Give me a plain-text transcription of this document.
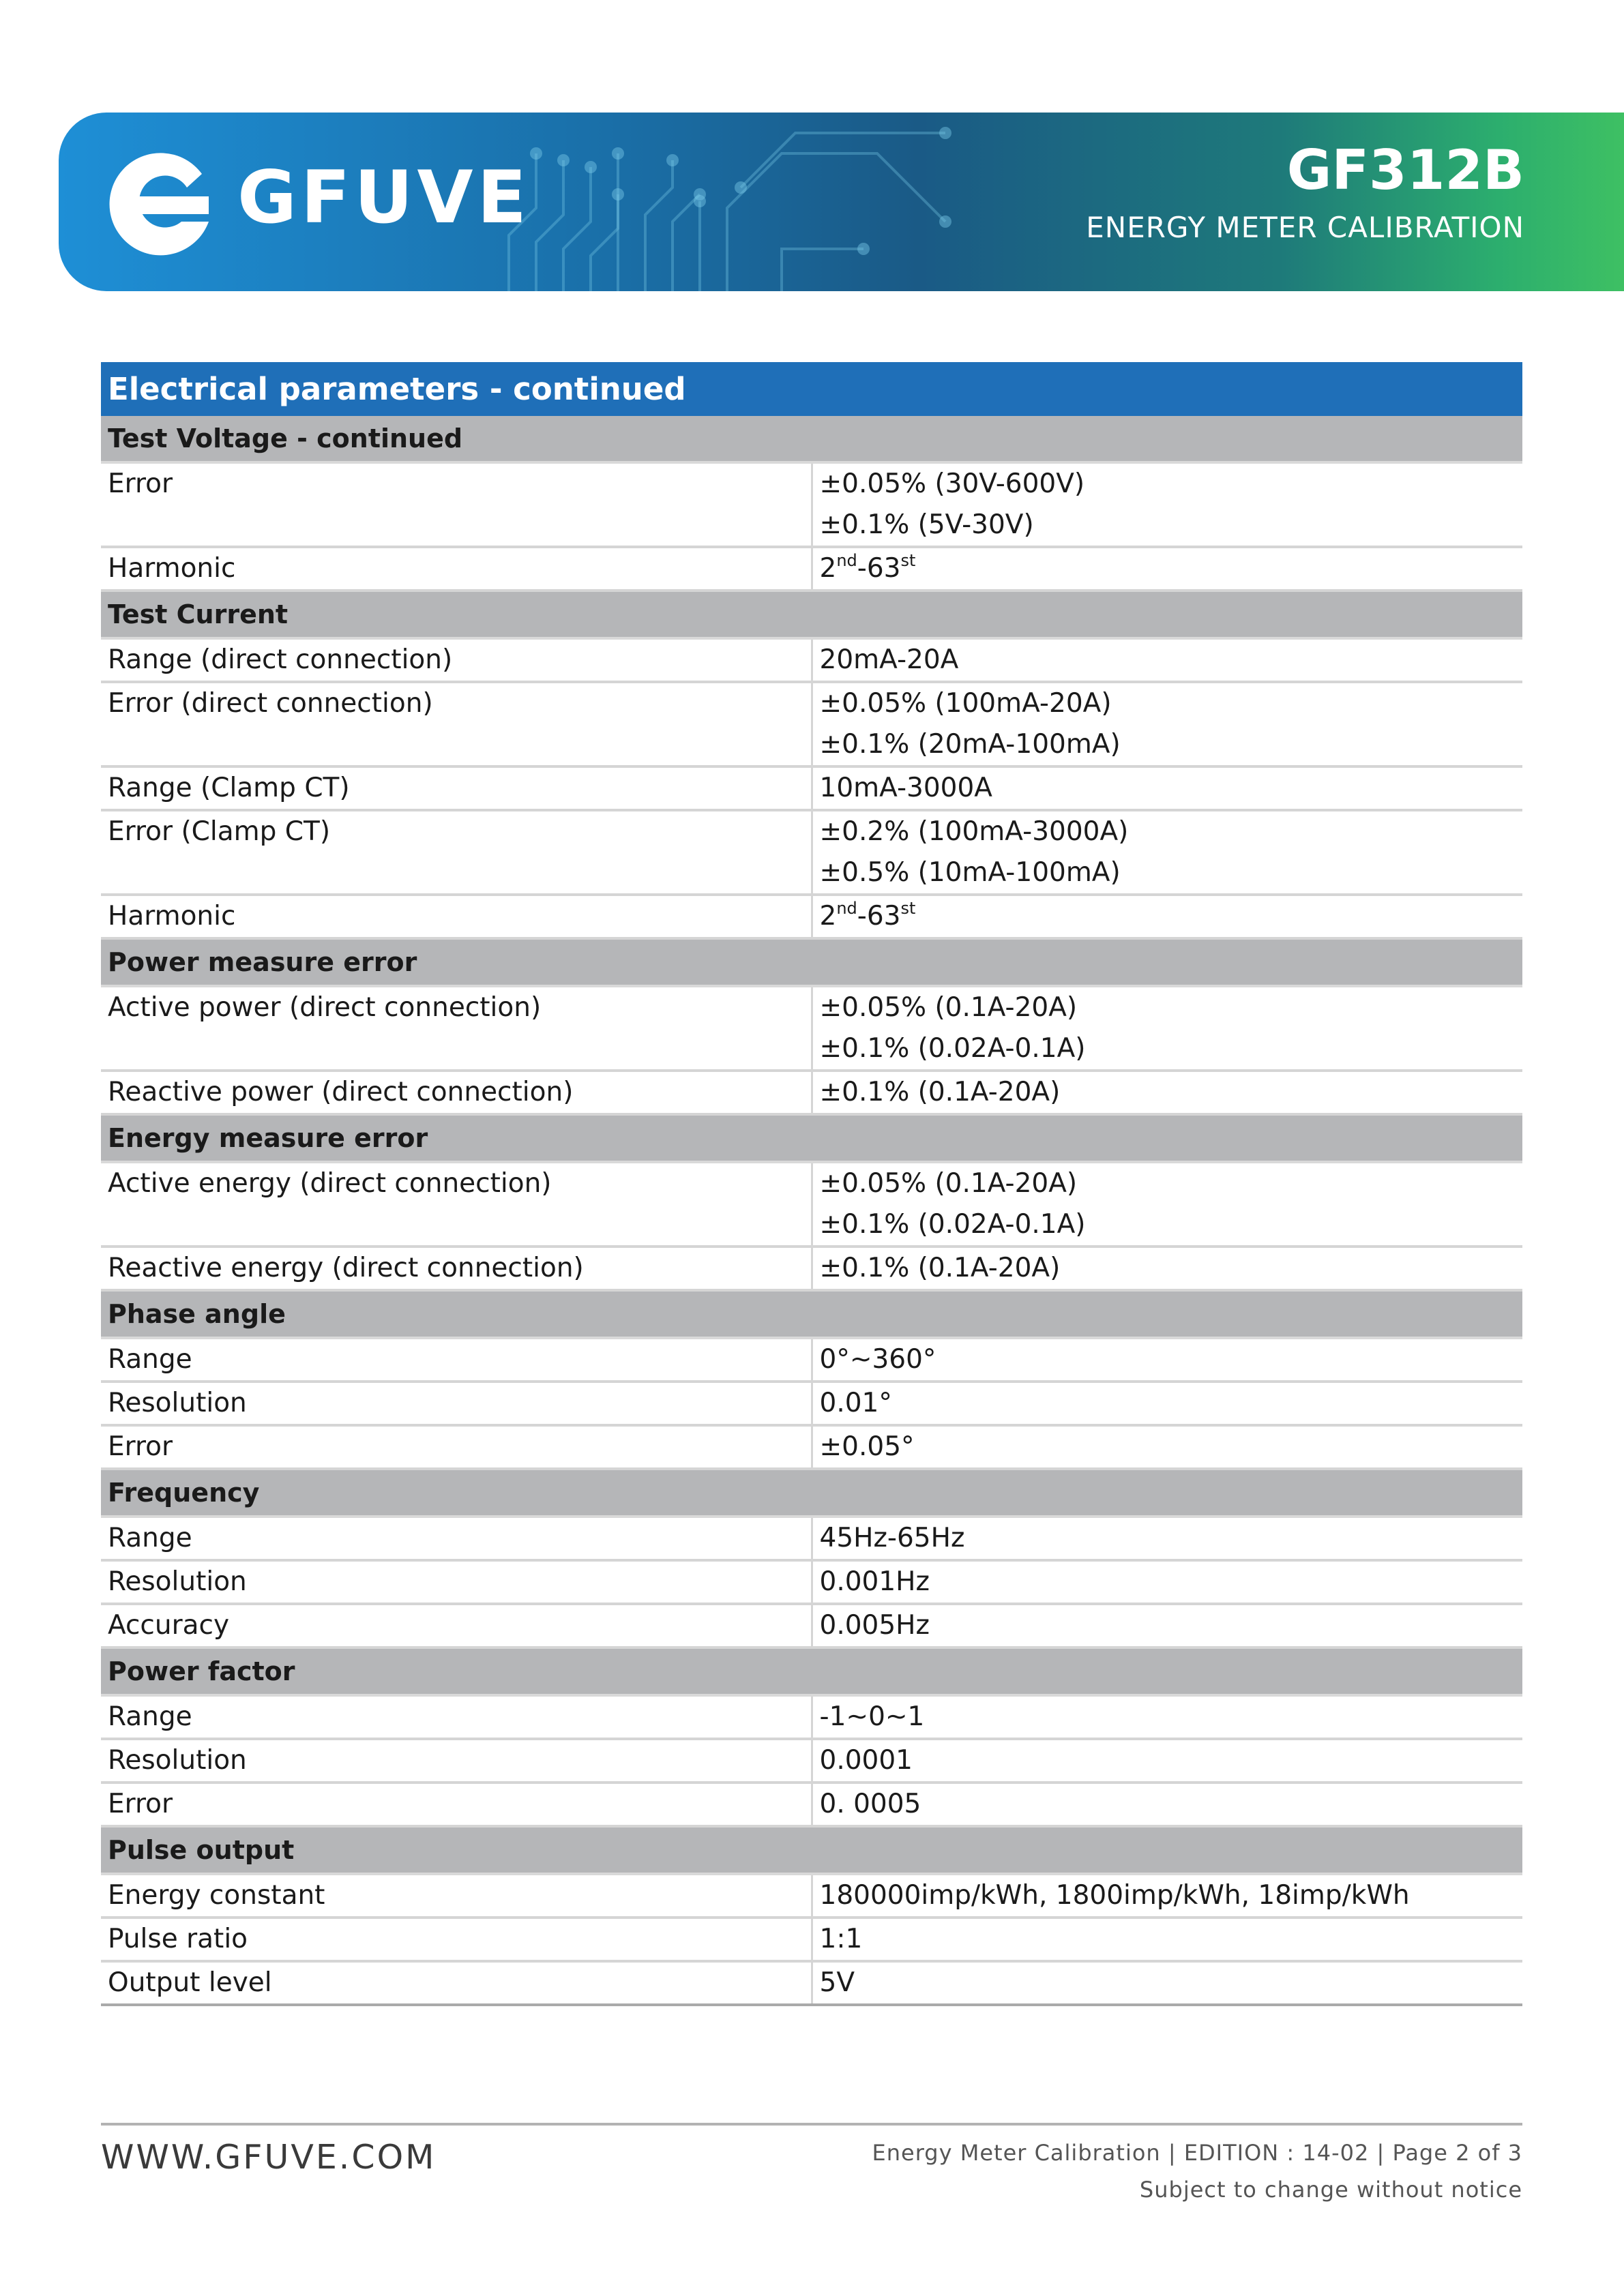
GFUVE	GF312B
ENERGY METER CALIBRATION
Electrical parameters - continued	
Test Voltage - continued	
Error	±0.05% (30V-600V)
±0.1% (5V-30V)

Harmonic	2nd-63st
Test Current	
Range (direct connection)	20mA-20A

Error (direct connection)	±0.05% (100mA-20A)
±0.1% (20mA-100mA)

Range (Clamp CT)	10mA-3000A

Error (Clamp CT)	±0.2% (100mA-3000A)
±0.5% (10mA-100mA)

Harmonic	2nd-63st
Power measure error	
Active power (direct connection)	±0.05% (0.1A-20A)
±0.1% (0.02A-0.1A)

Reactive power (direct connection)	±0.1% (0.1A-20A)

Energy measure error	
Active energy (direct connection)	±0.05% (0.1A-20A)
±0.1% (0.02A-0.1A)

Reactive energy (direct connection)	±0.1% (0.1A-20A)

Phase angle	
Range	0°~360°

Resolution	0.01°

Error	±0.05°

Frequency	
Range	45Hz-65Hz

Resolution	0.001Hz

Accuracy	0.005Hz

Power factor	
Range	-1~0~1

Resolution	0.0001

Error	0. 0005

Pulse output	
Energy constant	180000imp/kWh, 1800imp/kWh, 18imp/kWh

Pulse ratio	1:1

Output level	5V
WWW.GFUVE.COM	Energy Meter Calibration | EDITION : 14-02 | Page 2 of 3
Subject to change without notice
